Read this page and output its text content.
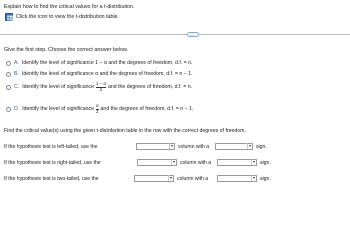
Explain how to find the critical values for a t-distribution.
Click the icon to view the t-distribution table.
•••
Give the first step. Choose the correct answer below.
A. Identify the level of significance 1 − α and the degrees of freedom, d.f. = n.
B. Identify the level of significance α and the degrees of freedom, d.f. = n − 1.
C. Identify the level of significance $\frac{1 - \alpha}{2}$ and the degrees of freedom, d.f. = n.
D. Identify the level of significance $\frac{\alpha}{2}$ and the degrees of freedom, d.f. = n − 1.
Find the critical value(s) using the given t-distribution table in the row with the correct degrees of freedom.
If the hypothesis test is left-tailed, use the	▼ column with a	▼ sign.
If the hypothesis test is right-tailed, use the	▼ column with a	▼ sign.
If the hypothesis test is two-tailed, use the	▼ column with a	▼ sign.
